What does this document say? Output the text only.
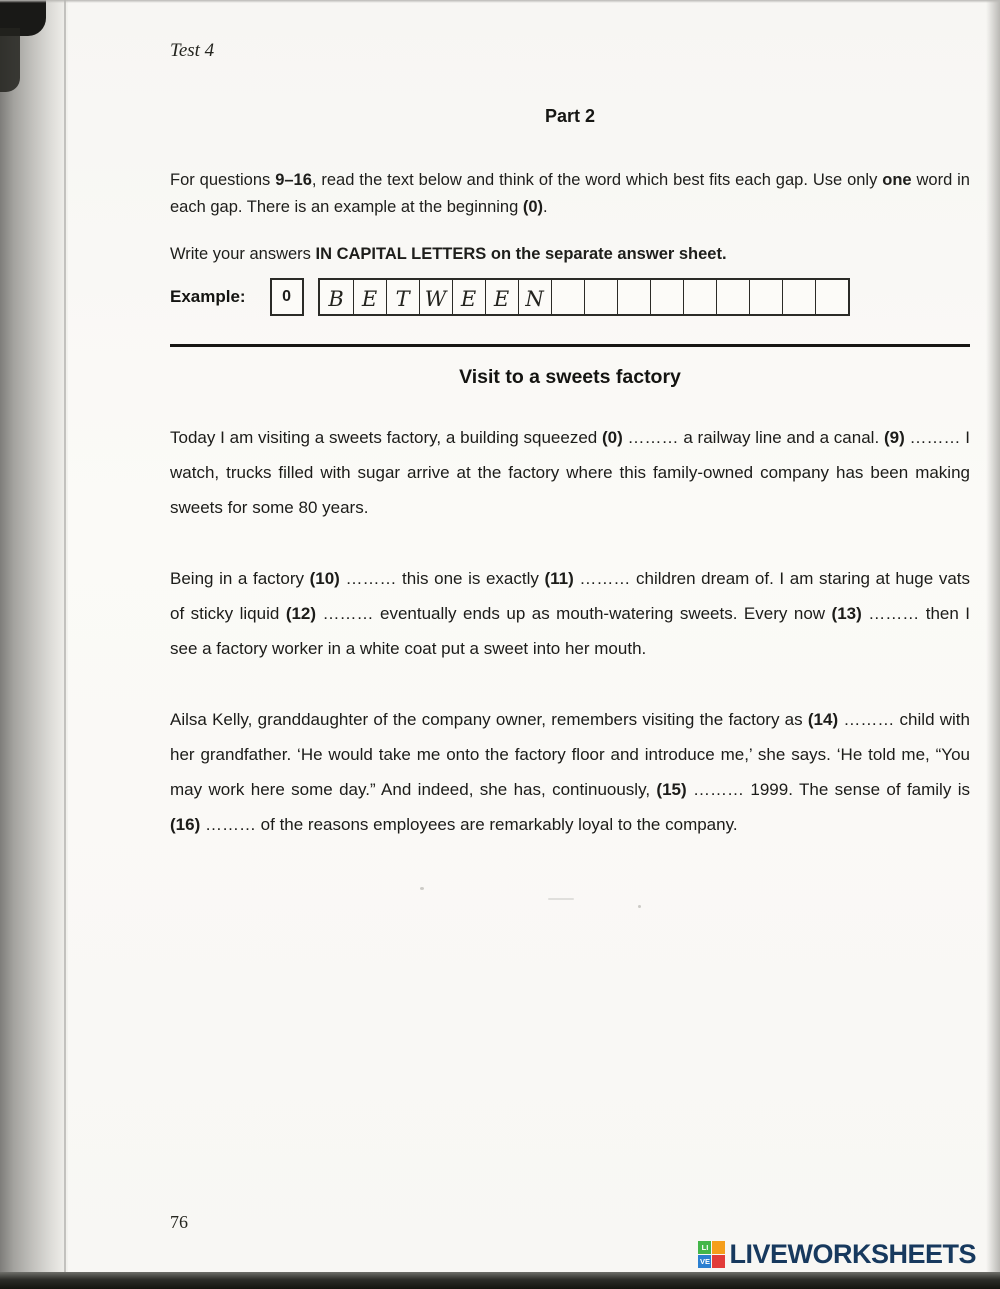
Test 4
Part 2

For questions 9–16, read the text below and think of the word which best fits each gap. Use only one word in each gap. There is an example at the beginning (0).

Write your answers IN CAPITAL LETTERS on the separate answer sheet.

Example:	0	B E T W E E N
Visit to a sweets factory

Today I am visiting a sweets factory, a building squeezed (0) ……… a railway line and a canal. (9) ……… I watch, trucks filled with sugar arrive at the factory where this family-owned company has been making sweets for some 80 years.

Being in a factory (10) ……… this one is exactly (11) ……… children dream of. I am staring at huge vats of sticky liquid (12) ……… eventually ends up as mouth-watering sweets. Every now (13) ……… then I see a factory worker in a white coat put a sweet into her mouth.

Ailsa Kelly, granddaughter of the company owner, remembers visiting the factory as (14) ……… child with her grandfather. ‘He would take me onto the factory floor and introduce me,’ she says. ‘He told me, “You may work here some day.” And indeed, she has, continuously, (15) ……… 1999. The sense of family is (16) ……… of the reasons employees are remarkably loyal to the company.

76
LI
VE LIVEWORKSHEETS
